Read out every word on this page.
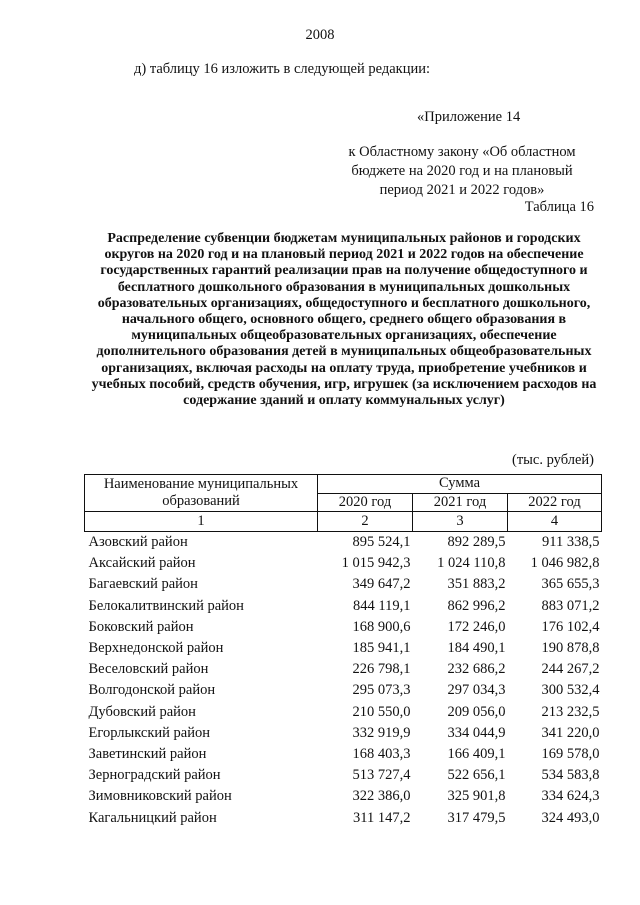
2008
д) таблицу 16 изложить в следующей редакции:
«Приложение 14
к Областному закону «Об областном бюджете на 2020 год и на плановый период 2021 и 2022 годов»
Таблица 16
Распределение субвенции бюджетам муниципальных районов и городских округов на 2020 год и на плановый период 2021 и 2022 годов на обеспечение государственных гарантий реализации прав на получение общедоступного и бесплатного дошкольного образования в муниципальных дошкольных образовательных организациях, общедоступного и бесплатного дошкольного, начального общего, основного общего, среднего общего образования в муниципальных общеобразовательных организациях, обеспечение дополнительного образования детей в муниципальных общеобразовательных организациях, включая расходы на оплату труда, приобретение учебников и учебных пособий, средств обучения, игр, игрушек (за исключением расходов на содержание зданий и оплату коммунальных услуг)
(тыс. рублей)
Наименование муниципальных образований	Сумма		
	2020 год	2021 год	2022 год
1	2	3	4
Азовский район	895 524,1	892 289,5	911 338,5
Аксайский район	1 015 942,3	1 024 110,8	1 046 982,8
Багаевский район	349 647,2	351 883,2	365 655,3
Белокалитвинский район	844 119,1	862 996,2	883 071,2
Боковский район	168 900,6	172 246,0	176 102,4
Верхнедонской район	185 941,1	184 490,1	190 878,8
Веселовский район	226 798,1	232 686,2	244 267,2
Волгодонской район	295 073,3	297 034,3	300 532,4
Дубовский район	210 550,0	209 056,0	213 232,5
Егорлыкский район	332 919,9	334 044,9	341 220,0
Заветинский район	168 403,3	166 409,1	169 578,0
Зерноградский район	513 727,4	522 656,1	534 583,8
Зимовниковский район	322 386,0	325 901,8	334 624,3
Кагальницкий район	311 147,2	317 479,5	324 493,0
